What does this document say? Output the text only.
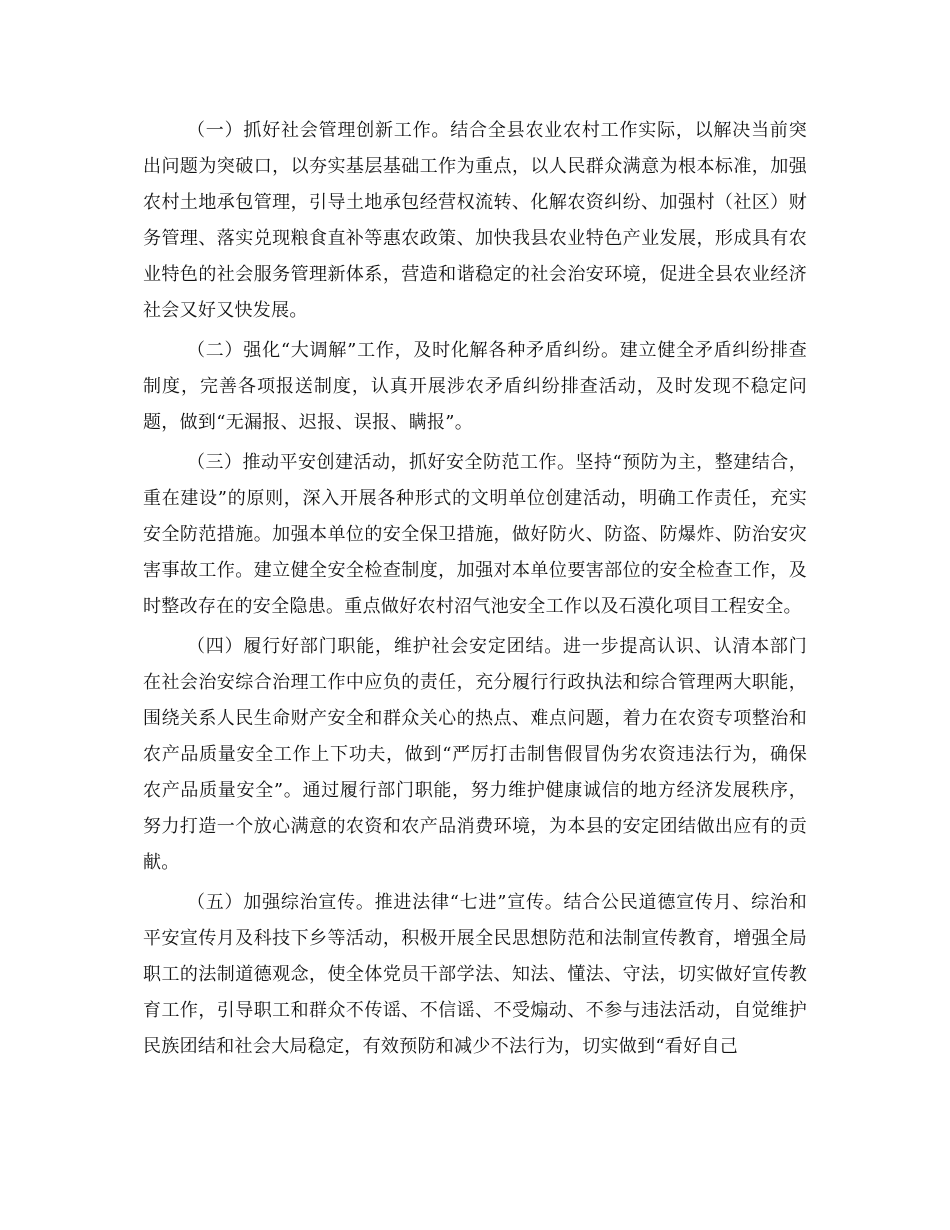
（一）抓好社会管理创新工作。结合全县农业农村工作实际，以解决当前突出问题为突破口，以夯实基层基础工作为重点，以人民群众满意为根本标准，加强农村土地承包管理，引导土地承包经营权流转、化解农资纠纷、加强村（社区）财务管理、落实兑现粮食直补等惠农政策、加快我县农业特色产业发展，形成具有农业特色的社会服务管理新体系，营造和谐稳定的社会治安环境，促进全县农业经济社会又好又快发展。

（二）强化“大调解”工作，及时化解各种矛盾纠纷。建立健全矛盾纠纷排查制度，完善各项报送制度，认真开展涉农矛盾纠纷排查活动，及时发现不稳定问题，做到“无漏报、迟报、误报、瞒报”。

（三）推动平安创建活动，抓好安全防范工作。坚持“预防为主，整建结合，重在建设”的原则，深入开展各种形式的文明单位创建活动，明确工作责任，充实安全防范措施。加强本单位的安全保卫措施，做好防火、防盗、防爆炸、防治安灾害事故工作。建立健全安全检查制度，加强对本单位要害部位的安全检查工作，及时整改存在的安全隐患。重点做好农村沼气池安全工作以及石漠化项目工程安全。

（四）履行好部门职能，维护社会安定团结。进一步提高认识、认清本部门在社会治安综合治理工作中应负的责任，充分履行行政执法和综合管理两大职能，围绕关系人民生命财产安全和群众关心的热点、难点问题，着力在农资专项整治和农产品质量安全工作上下功夫，做到“严厉打击制售假冒伪劣农资违法行为，确保农产品质量安全”。通过履行部门职能，努力维护健康诚信的地方经济发展秩序，努力打造一个放心满意的农资和农产品消费环境，为本县的安定团结做出应有的贡献。

（五）加强综治宣传。推进法律“七进”宣传。结合公民道德宣传月、综治和平安宣传月及科技下乡等活动，积极开展全民思想防范和法制宣传教育，增强全局职工的法制道德观念，使全体党员干部学法、知法、懂法、守法，切实做好宣传教育工作，引导职工和群众不传谣、不信谣、不受煽动、不参与违法活动，自觉维护民族团结和社会大局稳定，有效预防和减少不法行为，切实做到“看好自己
